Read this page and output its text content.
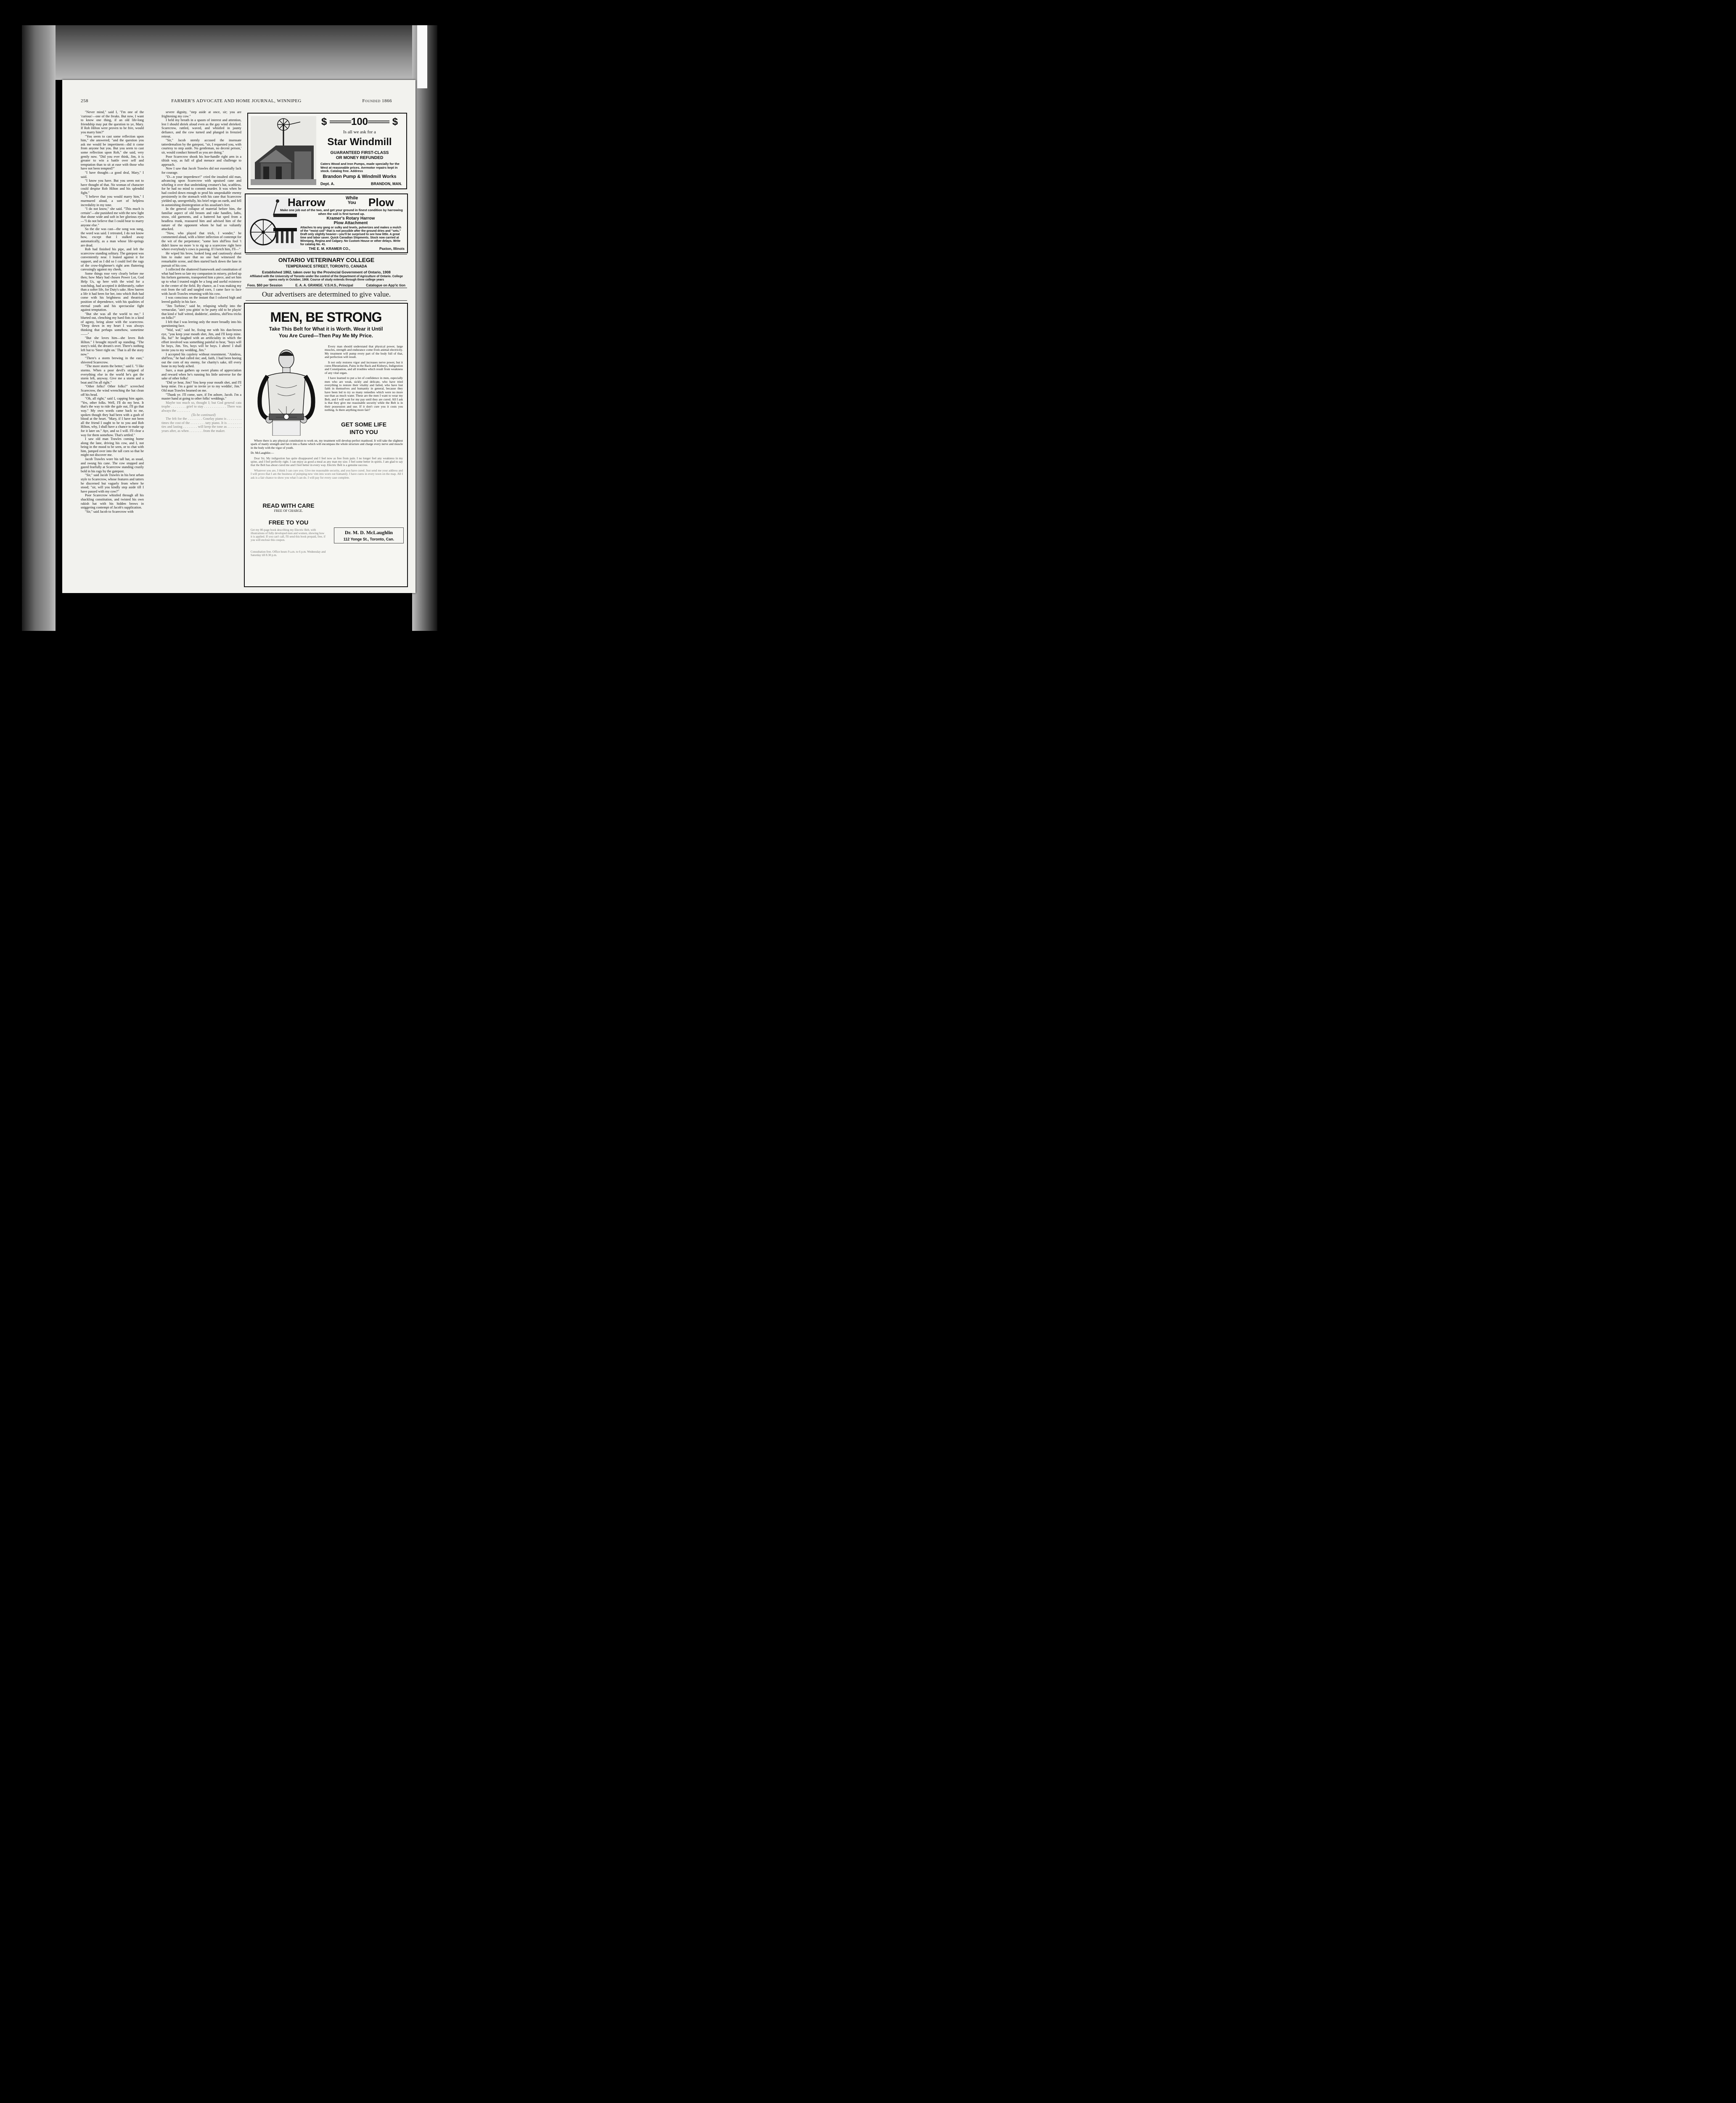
258	FARMER'S ADVOCATE AND HOME JOURNAL, WINNIPEG	Founded 1866

"Never mind," said I, "I'm one of the 'curious'—one of the freaks. But now, I want to know one thing, if an old life-long friendship may put the question to ye, Mary. If Rob Hilton were proven to be free, would you marry him?"

"You seem to cast some reflection upon him," she answered; "and the question you ask me would be impertinent—did it come from anyone but you. But you seem to cast some reflection upon Rob," she said, very gently now. "Did you ever think, Jim, it is greater to win a battle over self and temptation than to sit at ease with those who have not been tempted?"

"I have thought—a good deal, Mary," I said.

"I know you have. But you seem not to have thought of that. No woman of character could despise Rob Hilton and his splendid fight."

"I believe that you would marry him," I murmured aloud, a sort of helpless incredulity in my tone.

"I do not know," she said. "This much is certain"—she punished me with the new light that shone wide and soft in her glorious eyes—"I do not believe that I could bear to marry anyone else."

So the die was cast—the song was sung, the word was said. I retreated, I do not know how, except that I stalked away automatically, as a man whose life-springs are dead.

Rob had finished his pipe, and left the scarecrow standing solitary. The gatepost was conveniently near. I leaned against it for support, and as I did so I could feel the rags of the crow-frightener's right arm fluttering caressingly against my cheek.

Some things rose very clearly before me then; how Mary had chosen Power Lot, God Help Us, up here with the wind for a watchdog, had accepted it deliberately, rather than a softer life, for Duty's sake. How barren a life it had been for her, into which Rob had come with his brightness and theatrical position of dependence, with his qualities of eternal youth and his spectacular fight against temptation.

"But she was all the world to me," I blurted out, clenching my hard fists in a kind of agony, being alone with the scarecrow. "Deep down in my heart I was always thinking that perhaps somehow, sometime——"

"But she loves him—she loves Rob Hilton." I brought myself up standing. "The story's told, the dream's over. There's nothing left but to 'Steer right on.' That is all the story now."

"There's a storm brewing in the east," shivered Scarecrow.

"The more storm the better," said I. "I like storms. When a poor devil's stripped of everything else in the world he's got the storm left, anyway. Give me a storm and a boat and I'm all right."

"Other folks? Other folks?" screeched Scarecrow, the wind wrenching the hat clean off his head.

"Oh, all right," said I, capping him again. "Yes, other folks. Well, I'll do my best. It that's the way to ride the gale out, I'll go that way." My own words came back to me, spoken though they had been with a gush of blood at the heart. "Mary, if I have not been all the friend I ought to be to you and Rob Hilton, why, I shall have a chance to make up for it later on." Aye, and so I will. I'll clear a way for them somehow. That's settled."

I saw old man Trawles coming home along the lane, driving his cow, and I, not being in the mood to be seen, or to chat with him, jumped over into the tall corn so that he might not discover me.

Jacob Trawles wore his tall hat, as usual, and swung his cane. The cow stopped and gazed fearfully at Scarecrow standing crazily bold in his rags by the gatepost.

"Sir," said Jacob Trawles in his best urban style to Scarecrow, whose features and tatters he discerned but vaguely from where he stood; "sir, will you kindly step aside till I have passed with my cow?"

Poor Scarecrow whistled through all his shackling constitution, and twisted his own rakish hat with his hidden brows in sniggering contempt of Jacob's supplication.

"Sir," said Jacob to Scarecrow with

severe dignity, "step aside at once, sir; you are frightening my cow."

I held my breath in a spasm of interest and attention, lest I should shriek aloud even as the gay wind shrieked. Scarecrow, rattled, waved, and whistled in jaunty defiance, and the cow turned and plunged in frenzied retreat.

"Sir," Jacob sternly accused the insensate tatterdemalion by the gatepost, "sir, I requested you, with courtesy to step aside. No gentleman, no decent person,' sir, would conduct himself as you are doing."

Poor Scarecrow shook his hoe-handle right arm in a tiltish way, as full of glad menace and challenge to approach.

Now I saw that Jacob Trawles did not essentially lack for courage.

"D—n your imperdence!" cried the insulted old man, advancing upon Scarecrow with upraised cane and whirling it over that unshrinking creature's hat, scathless, for he had no mind to commit murder. It was when he had cooled down enough to prod his unspeakable enemy persistently in the stomach with his cane that Scarecrow yielded up, unregretfully, his brief reign on earth, and fell in astonishing disintegration at his assailant's feet.

In the general collapse of material before him, the familiar aspect of old broom and rake handles, laths, straw, old garments, and a battered hat sped from a headless trunk, reassured him and advised him of the nature of the opponent whom he had so valiantly attacked.

"Now, who played that trick, I wonder," he commented aloud, with a bitter inflection of contempt for the wit of the perpetrator; "some lorn shif'less fool 't didn't know no more 'n to rig up a scarecrow right here where everybody's cows is passing. If I ketch him, I'll—"

He wiped his brow, looked long and cautiously about him to make sure that no one had witnessed the remarkable scene, and then started back down the lane in pursuit of his cow.

I collected the shattered framework and constitution of what had been so late my companion in misery, picked up his forlorn garments, transported him a piece, and set him up to what I trusted might be a long and useful existence in the center of the field. By chance, as I was making my exit from the tall and tangled corn, I came face to face with Jacob Trawles returning with his cow.

I was conscious on the instant that I colored high and leered guiltily in his face.

"Jim Turbine," said he, relapsing wholly into the vernacular, "ain't you gittin' to be purty old to be playin' that kind o' half witted, dodderin', aimless, shif'less tricks on folks?"

I felt that I was leering only the more broadly into his questioning face.

"Waf, waf," said he, fixing me with his dun-brown eye, "you keep your mouth shet, Jim, and I'll keep mine. Ha, ha!" he laughed with an artificiality in which the effort involved was something painful to hear, "boys will be boys, Jim. Yes, boys will be boys. I ahem! I shall invite you to my wedding, Jim."

I accepted his cajolery without resentment. "Aimless, shif'less," he had called me; and, faith, I had been hoeing out the corn of my enemy, for charity's sake, till every bone in my body ached.

Sure, a man gathers up sweet plums of appreciation and reward when he's running his little universe for the sake of other folks!

"Did ye hear, Jim? You keep your mouth shet, and I'll keep mine. I'm a goin' to invite ye to my weddin', Jim." Old man Trawles beamed on me.

"Thank ye. I'll come, sure, if I'm ashore, Jacob. I'm a master hand at going to other folks' weddings."

Maybe too much so, thought I; but God general cata trophe . . . . . . . . grief to stay . . . . . . . . . . . . There was always the . . . . . . . .

(To be continued)

The felt for the . . . . . . . . Gourlay piano is . . . . . . . . times the cost of the . . . . . . . . tary piano. It is . . . . . . . . ties and lasting . . . . . . . . will keep the tone as . . . . . . . . years after, as when . . . . . . . . from the maker.

$ ═══100═══ $
Is all we ask for a
Star Windmill
GUARANTEED FIRST-CLASS
OR MONEY REFUNDED
Caters Wood and Iron Pumps, made specially for the West at reasonable prices. Aermotor repairs kept in stock. Catalog free. Address
Brandon Pump & Windmill Works
Dept. A.	BRANDON, MAN.
Harrow	While
You Plow
Make one job out of the two, and get your ground in finest condition by harrowing when the soil is first turned up.
Kramer's Rotary Harrow
Plow Attachment
Attaches to any gang or sulky and levels, pulverizes and makes a mulch of the "moist soil" that is not possible after the ground dries and "sets." Draft only slightly heavier—you'll be surprised to see how little. A great time and labor saver. Quick Canadian Shipments. Stock now carried at Winnipeg, Regina and Calgary. No Custom House or other delays. Write for catalog No. 41.
THE E. M. KRAMER CO.,	Paxton, Illinois
ONTARIO VETERINARY COLLEGE
TEMPERANCE STREET, TORONTO, CANADA
Established 1862, taken over by the Provincial Government of Ontario, 1908
Affiliated with the University of Toronto under the control of the Department of Agriculture of Ontario. College opens early in October, 1908. Course of study extends through three college years
Fees. $60 per Session	E. A. A. GRANGE. V.S.H.S., Principal	Catalogue on App'ic tion
Our advertisers are determined to give value.
MEN, BE STRONG
Take This Belt for What it is Worth. Wear it Until
You Are Cured—Then Pay Me My Price.

Every man should understand that physical power, large muscles, strength and endurance come from animal electricity. My treatment will pump every part of the body full of that, and perfection will result.

It not only restores vigor and increases nerve power, but it cures Rheumatism, Pains in the Back and Kidneys, Indigestion and Constipation, and all troubles which result from weakness of any vital organ.

I have learned to put a lot of confidence in men, especially men who are weak, sickly and delicate, who have tried everything to restore their vitality and failed, who have lost faith in themselves and humanity in general, because they have been led to try so many remedies which were no more use than as much water. These are the men I want to wear my Belt, and I will wait for my pay until they are cured. All I ask is that they give me reasonable security while the Belt is in their possession and use. If it don't cure you it costs you nothing. Is there anything more fair?

GET SOME LIFE
INTO YOU

Where there is any physical constitution to work on, my treatment will develop perfect manhood. It will take the slightest spark of manly strength and fan it into a flame which will encompass the whole structure and charge every nerve and muscle in the body with the vigor of youth.

Dr. McLaughlin:—

Dear Sir, My indigestion has quite disappeared and I feel now as free from pain. I no longer feel any weakness in my spine, and I feel perfectly right. I can enjoy as good a meal as any man my size. I feel some better in spirits. I am glad to say that the Belt has about cured me and I feel better in every way. Electric Belt is a genuine success.

Whatever you are, I think I can cure you. Give me reasonable security, and you have cured. Just send me your address and I will prove that I am the business of pumping new vim into worn out humanity. I have cures in every town on the map. All I ask is a fair chance to show you what I can do. I will pay for every case complete.

READ WITH CARE
FREE OF CHARGE.
FREE TO YOU
Get my 80-page book describing my Electric Belt, with illustrations of fully developed men and women, showing how it is applied. If you can't call, I'll send this book prepaid, free, if you will enclose this coupon.
Consultation free. Office hours 9 a.m. to 6 p.m. Wednesday and Saturday till 8.30 p.m.
Dr. M. D. McLaughlin
112 Yonge St., Toronto, Can.
